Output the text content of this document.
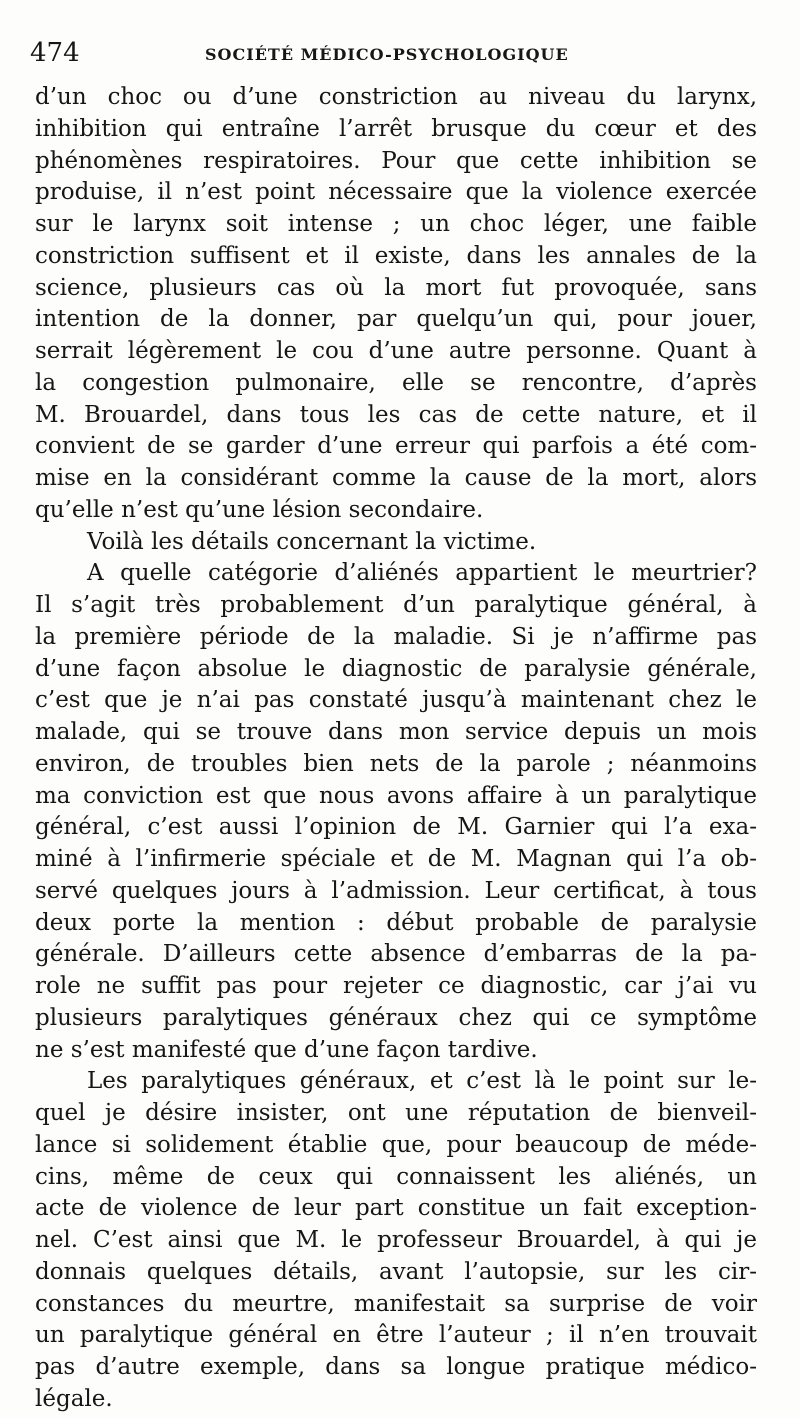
474	SOCIÉTÉ MÉDICO-PSYCHOLOGIQUE
d’un choc ou d’une constriction au niveau du larynx,
inhibition qui entraîne l’arrêt brusque du cœur et des
phénomènes respiratoires. Pour que cette inhibition se
produise, il n’est point nécessaire que la violence exercée
sur le larynx soit intense ; un choc léger, une faible
constriction suffisent et il existe, dans les annales de la
science, plusieurs cas où la mort fut provoquée, sans
intention de la donner, par quelqu’un qui, pour jouer,
serrait légèrement le cou d’une autre personne. Quant à
la congestion pulmonaire, elle se rencontre, d’après
M. Brouardel, dans tous les cas de cette nature, et il
convient de se garder d’une erreur qui parfois a été com-
mise en la considérant comme la cause de la mort, alors
qu’elle n’est qu’une lésion secondaire.
Voilà les détails concernant la victime.
A quelle catégorie d’aliénés appartient le meurtrier?
Il s’agit très probablement d’un paralytique général, à
la première période de la maladie. Si je n’affirme pas
d’une façon absolue le diagnostic de paralysie générale,
c’est que je n’ai pas constaté jusqu’à maintenant chez le
malade, qui se trouve dans mon service depuis un mois
environ, de troubles bien nets de la parole ; néanmoins
ma conviction est que nous avons affaire à un paralytique
général, c’est aussi l’opinion de M. Garnier qui l’a exa-
miné à l’infirmerie spéciale et de M. Magnan qui l’a ob-
servé quelques jours à l’admission. Leur certificat, à tous
deux porte la mention : début probable de paralysie
générale. D’ailleurs cette absence d’embarras de la pa-
role ne suffit pas pour rejeter ce diagnostic, car j’ai vu
plusieurs paralytiques généraux chez qui ce symptôme
ne s’est manifesté que d’une façon tardive.
Les paralytiques généraux, et c’est là le point sur le-
quel je désire insister, ont une réputation de bienveil-
lance si solidement établie que, pour beaucoup de méde-
cins, même de ceux qui connaissent les aliénés, un
acte de violence de leur part constitue un fait exception-
nel. C’est ainsi que M. le professeur Brouardel, à qui je
donnais quelques détails, avant l’autopsie, sur les cir-
constances du meurtre, manifestait sa surprise de voir
un paralytique général en être l’auteur ; il n’en trouvait
pas d’autre exemple, dans sa longue pratique médico-
légale.
